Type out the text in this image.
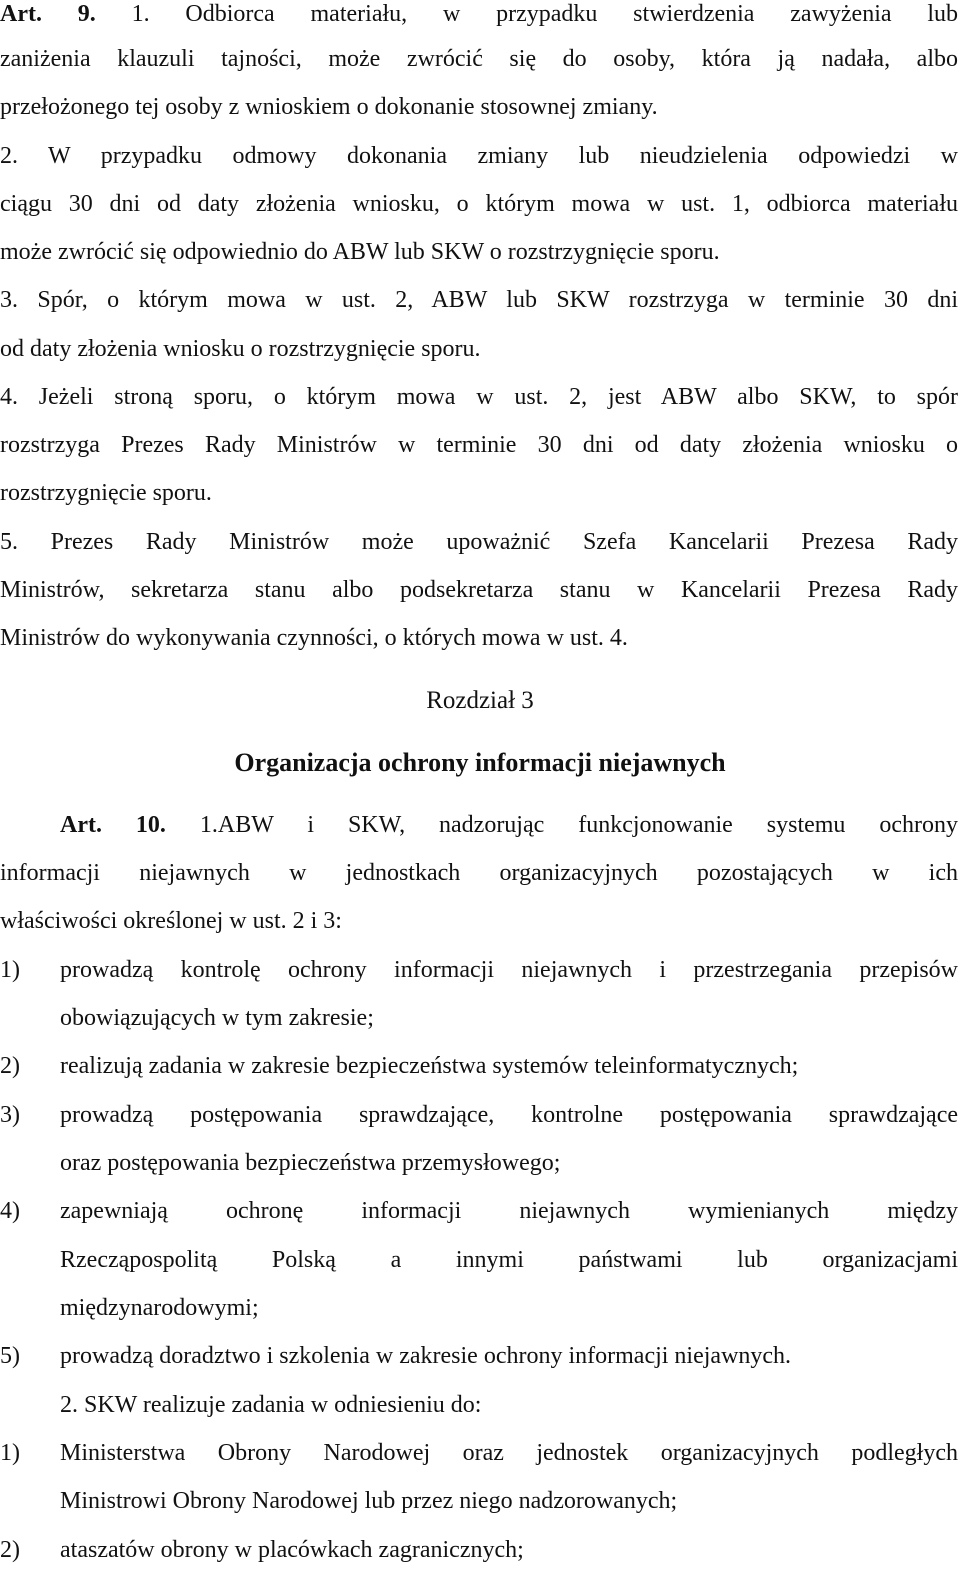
Art. 9. 1. Odbiorca materiału, w przypadku stwierdzenia zawyżenia lub
zaniżenia klauzuli tajności, może zwrócić się do osoby, która ją nadała, albo
przełożonego tej osoby z wnioskiem o dokonanie stosownej zmiany.
2. W przypadku odmowy dokonania zmiany lub nieudzielenia odpowiedzi w
ciągu 30 dni od daty złożenia wniosku, o którym mowa w ust. 1, odbiorca materiału
może zwrócić się odpowiednio do ABW lub SKW o rozstrzygnięcie sporu.
3. Spór, o którym mowa w ust. 2, ABW lub SKW rozstrzyga w terminie 30 dni
od daty złożenia wniosku o rozstrzygnięcie sporu.
4. Jeżeli stroną sporu, o którym mowa w ust. 2, jest ABW albo SKW, to spór
rozstrzyga Prezes Rady Ministrów w terminie 30 dni od daty złożenia wniosku o
rozstrzygnięcie sporu.
5. Prezes Rady Ministrów może upoważnić Szefa Kancelarii Prezesa Rady
Ministrów, sekretarza stanu albo podsekretarza stanu w Kancelarii Prezesa Rady
Ministrów do wykonywania czynności, o których mowa w ust. 4.
Rozdział 3
Organizacja ochrony informacji niejawnych
Art. 10. 1.ABW i SKW, nadzorując funkcjonowanie systemu ochrony
informacji niejawnych w jednostkach organizacyjnych pozostających w ich
właściwości określonej w ust. 2 i 3:
1)	prowadzą kontrolę ochrony informacji niejawnych i przestrzegania przepisów
obowiązujących w tym zakresie;
2)	realizują zadania w zakresie bezpieczeństwa systemów teleinformatycznych;
3)	prowadzą postępowania sprawdzające, kontrolne postępowania sprawdzające
oraz postępowania bezpieczeństwa przemysłowego;
4)	zapewniają ochronę informacji niejawnych wymienianych między
Rzecząpospolitą Polską a innymi państwami lub organizacjami
międzynarodowymi;
5)	prowadzą doradztwo i szkolenia w zakresie ochrony informacji niejawnych.
2. SKW realizuje zadania w odniesieniu do:
1)	Ministerstwa Obrony Narodowej oraz jednostek organizacyjnych podległych
Ministrowi Obrony Narodowej lub przez niego nadzorowanych;
2)	ataszatów obrony w placówkach zagranicznych;
